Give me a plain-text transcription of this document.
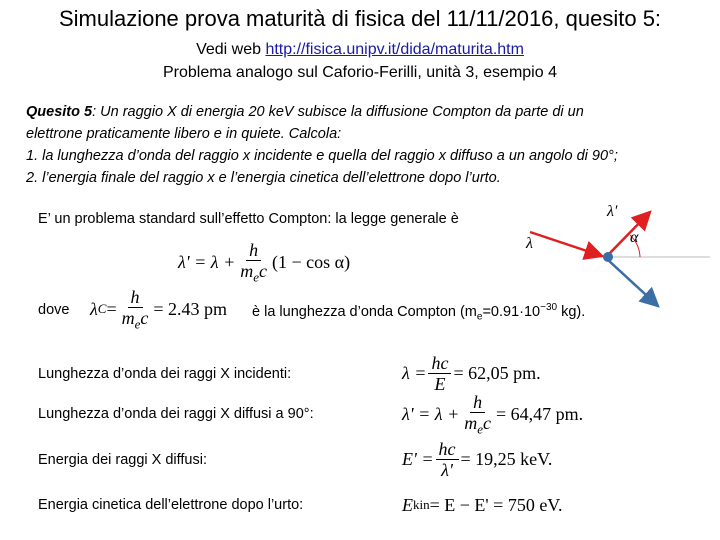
Simulazione prova maturità di fisica del 11/11/2016, quesito 5:
Vedi web http://fisica.unipv.it/dida/maturita.htm
Problema analogo sul Caforio-Ferilli, unità 3, esempio 4
Quesito 5: Un raggio X di energia 20 keV subisce la diffusione Compton da parte di un
elettrone praticamente libero e in quiete. Calcola:
1. la lunghezza d’onda del raggio x incidente e quella del raggio x diffuso a un angolo di 90°;
2. l’energia finale del raggio x e l’energia cinetica dell’elettrone dopo l’urto.
E’ un problema standard sull’effetto Compton: la legge generale è
λ
λ'
α
$\lambda' = \lambda + \frac{h}{m_ec} (1 - \cos \alpha)$
dove λ $C = \frac{h}{m_ec} = 2.43$ pm è la lunghezza d’onda Compton ($m_e=0.91\cdot 10^{-30}$ kg).
Lunghezza d’onda dei raggi X incidenti:	$\lambda = \frac{hc}{E} = 62,05$ pm.
Lunghezza d’onda dei raggi X diffusi a 90°:	$\lambda' = \lambda + \frac{h}{m_ec} = 64,47$ pm.
Energia dei raggi X diffusi:	$E' = \frac{hc}{\lambda'} = 19,25$ keV.
Energia cinetica dell’elettrone dopo l’urto:	E kin = E − E' = 750 eV.
